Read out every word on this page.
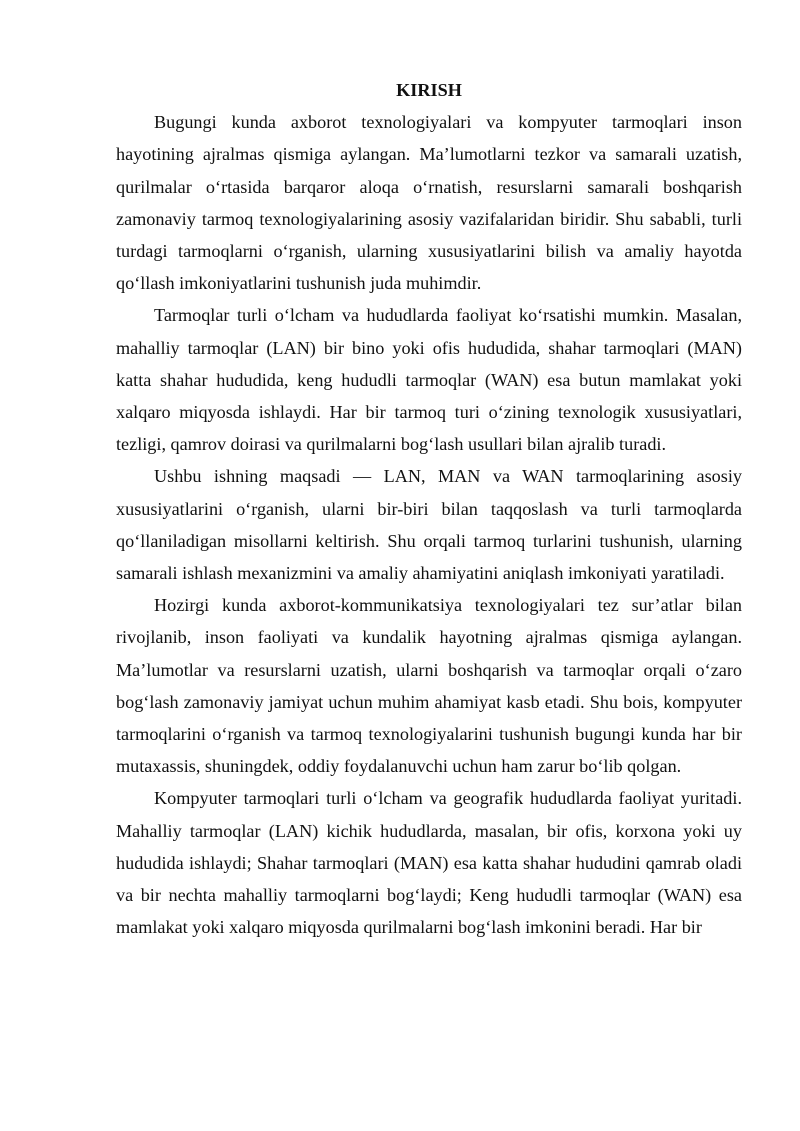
KIRISH

Bugungi kunda axborot texnologiyalari va kompyuter tarmoqlari inson hayotining ajralmas qismiga aylangan. Ma’lumotlarni tezkor va samarali uzatish, qurilmalar o‘rtasida barqaror aloqa o‘rnatish, resurslarni samarali boshqarish zamonaviy tarmoq texnologiyalarining asosiy vazifalaridan biridir. Shu sababli, turli turdagi tarmoqlarni o‘rganish, ularning xususiyatlarini bilish va amaliy hayotda qo‘llash imkoniyatlarini tushunish juda muhimdir.

Tarmoqlar turli o‘lcham va hududlarda faoliyat ko‘rsatishi mumkin. Masalan, mahalliy tarmoqlar (LAN) bir bino yoki ofis hududida, shahar tarmoqlari (MAN) katta shahar hududida, keng hududli tarmoqlar (WAN) esa butun mamlakat yoki xalqaro miqyosda ishlaydi. Har bir tarmoq turi o‘zining texnologik xususiyatlari, tezligi, qamrov doirasi va qurilmalarni bog‘lash usullari bilan ajralib turadi.

Ushbu ishning maqsadi — LAN, MAN va WAN tarmoqlarining asosiy xususiyatlarini o‘rganish, ularni bir-biri bilan taqqoslash va turli tarmoqlarda qo‘llaniladigan misollarni keltirish. Shu orqali tarmoq turlarini tushunish, ularning samarali ishlash mexanizmini va amaliy ahamiyatini aniqlash imkoniyati yaratiladi.

Hozirgi kunda axborot-kommunikatsiya texnologiyalari tez sur’atlar bilan rivojlanib, inson faoliyati va kundalik hayotning ajralmas qismiga aylangan. Ma’lumotlar va resurslarni uzatish, ularni boshqarish va tarmoqlar orqali o‘zaro bog‘lash zamonaviy jamiyat uchun muhim ahamiyat kasb etadi. Shu bois, kompyuter tarmoqlarini o‘rganish va tarmoq texnologiyalarini tushunish bugungi kunda har bir mutaxassis, shuningdek, oddiy foydalanuvchi uchun ham zarur bo‘lib qolgan.

Kompyuter tarmoqlari turli o‘lcham va geografik hududlarda faoliyat yuritadi. Mahalliy tarmoqlar (LAN) kichik hududlarda, masalan, bir ofis, korxona yoki uy hududida ishlaydi; Shahar tarmoqlari (MAN) esa katta shahar hududini qamrab oladi va bir nechta mahalliy tarmoqlarni bog‘laydi; Keng hududli tarmoqlar (WAN) esa mamlakat yoki xalqaro miqyosda qurilmalarni bog‘lash imkonini beradi. Har bir
